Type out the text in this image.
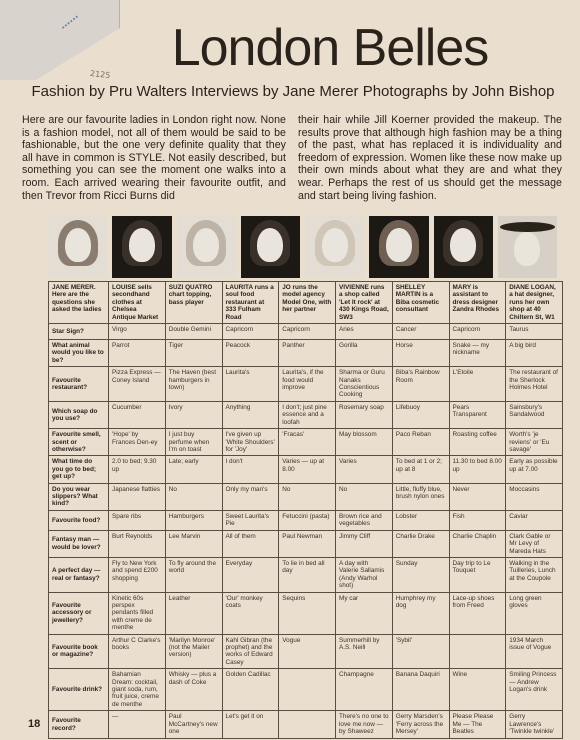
▪▪▪▪▪▪
2125	London Belles
Fashion by Pru Walters Interviews by Jane Merer Photographs by John Bishop

Here are our favourite ladies in London right now. None is a fashion model, not all of them would be said to be fashionable, but the one very definite quality that they all have in common is STYLE. Not easily described, but something you can see the moment one walks into a room. Each arrived wearing their favourite outfit, and then Trevor from Ricci Burns did

their hair while Jill Koerner provided the makeup. The results prove that although high fashion may be a thing of the past, what has replaced it is individuality and freedom of expression. Women like these now make up their own minds about what they are and what they wear. Perhaps the rest of us should get the message and start being living fashion.

JANE MERER. Here are the questions she asked the ladies	LOUISE sells secondhand clothes at Chelsea Antique Market	SUZI QUATRO chart topping, bass player	LAURITA runs a soul food restaurant at 333 Fulham Road	JO runs the model agency Model One, with her partner	VIVIENNE runs a shop called 'Let It rock' at 430 Kings Road, SW3	SHELLEY MARTIN is a Biba cosmetic consultant	MARY is assistant to dress designer Zandra Rhodes	DIANE LOGAN, a hat designer, runs her own shop at 40 Chiltern St, W1
Star Sign?	Virgo	Double Gemini	Capricorn	Capricorn	Aries	Cancer	Capricorn	Taurus
What animal would you like to be?	Parrot	Tiger	Peacock	Panther	Gorilla	Horse	Snake — my nickname	A big bird
Favourite restaurant?	Pizza Express — Coney Island	The Haven (best hamburgers in town)	Laurita's	Laurita's, if the food would improve	Sharma or Guru Nanaks Conscientious Cooking	Biba's Rainbow Room	L'Etoile	The restaurant of the Sherlock Holmes Hotel
Which soap do you use?	Cucumber	Ivory	Anything	I don't; just pine essence and a loofah	Rosemary soap	Lifebuoy	Pears Transparent	Sainsbury's Sandalwood
Favourite smell, scent or otherwise?	'Hope' by Frances Den-ey	I just buy perfume when I'm on toast	I've given up 'White Shoulders' for 'Joy'	'Fracas'	May blossom	Paco Reban	Roasting coffee	Worth's 'je reviens' or 'Eu savage'
What time do you go to bed; get up?	2.0 to bed; 9.30 up	Late; early	I don't	Varies — up at 8.00	Varies	To bed at 1 or 2; up at 8	11.30 to bed 8.00 up	Early as possible up at 7.00
Do you wear slippers? What kind?	Japanese flatties	No	Only my man's	No	No	Little, fluffy blue, brush nylon ones	Never	Moccasins
Favourite food?	Spare ribs	Hamburgers	Sweet Laurita's Pie	Fetuccini (pasta)	Brown rice and vegetables	Lobster	Fish	Caviar
Fantasy man — would be lover?	Burt Reynolds	Lee Marvin	All of them	Paul Newman	Jimmy Cliff	Charlie Drake	Charlie Chaplin	Clark Gable or Mr Levy of Mareda Hats
A perfect day — real or fantasy?	Fly to New York and spend £200 shopping	To fly around the world	Everyday	To lie in bed all day	A day with Valerie Sallamis (Andy Warhol shot)	Sunday	Day trip to Le Touquet	Walking in the Tuilleries, Lunch at the Coupole
Favourite accessory or jewellery?	Kinetic 60s perspex pendants filled with creme de menthe	Leather	'Our' monkey coats	Sequins	My car	Humphrey my dog	Lace-up shoes from Freed	Long green gloves
Favourite book or magazine?	Arthur C Clarke's books	'Marilyn Monroe' (not the Mailer version)	Kahl Gibran (the prophet) and the works of Edward Casey	Vogue	Summerhill by A.S. Neill	'Sybil'		1934 March issue of Vogue
Favourite drink?	Bahamian Dream: cocktail, giant soda, rum, fruit juice, creme de menthe	Whisky — plus a dash of Coke	Golden Cadillac		Champagne	Banana Daquiri	Wine	Smiling Princess — Andrew Logan's drink
Favourite record?	—	Paul McCartney's new one	Let's get it on		There's no one to love me now — by Shaweez	Gerry Marsden's 'Ferry across the Mersey'	Please Please Me — The Beatles	Gerry Lawrence's 'Twinkle twinkle'
18
